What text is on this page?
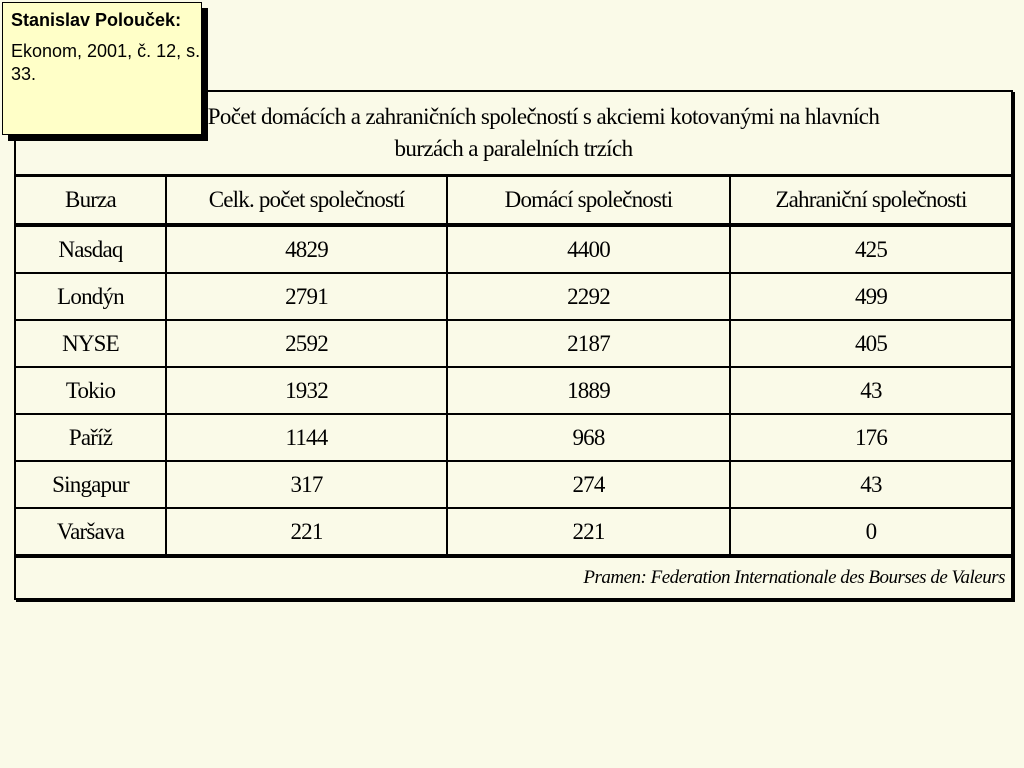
Stanislav Polouček:
Ekonom, 2001, č. 12, s. 33.
Počet domácích a zahraničních společností s akciemi kotovanými na hlavních
burzách a paralelních trzích
Burza	Celk. počet společností	Domácí společnosti	Zahraniční společnosti
Nasdaq	4829	4400	425
Londýn	2791	2292	499
NYSE	2592	2187	405
Tokio	1932	1889	43
Paříž	1144	968	176
Singapur	317	274	43
Varšava	221	221	0
Pramen: Federation Internationale des Bourses de Valeurs
